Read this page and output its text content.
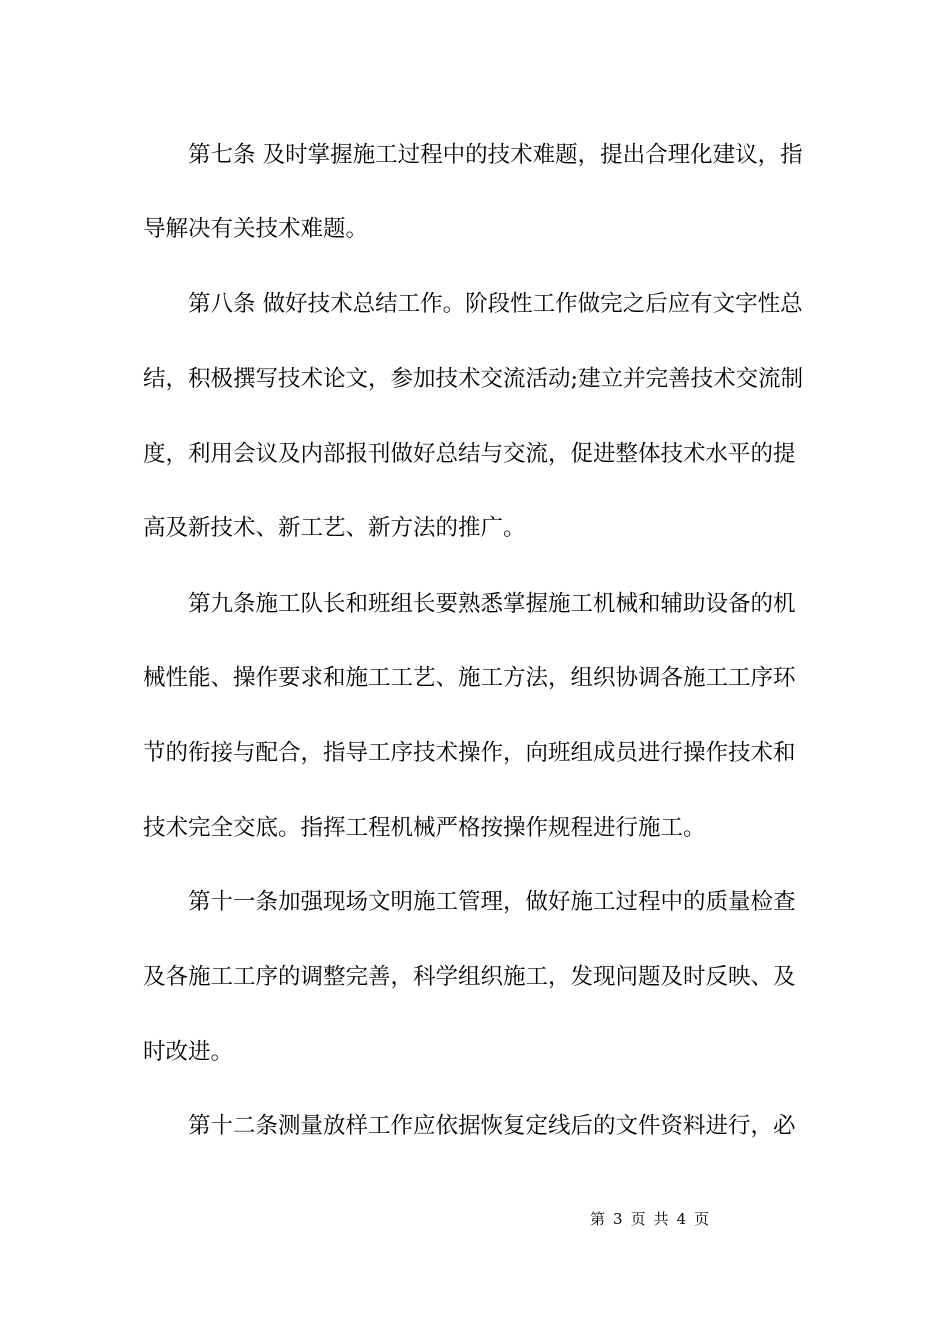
第七条 及时掌握施工过程中的技术难题，提出合理化建议，指
导解决有关技术难题。
第八条 做好技术总结工作。阶段性工作做完之后应有文字性总
结，积极撰写技术论文，参加技术交流活动;建立并完善技术交流制
度，利用会议及内部报刊做好总结与交流，促进整体技术水平的提
高及新技术、新工艺、新方法的推广。
第九条施工队长和班组长要熟悉掌握施工机械和辅助设备的机
械性能、操作要求和施工工艺、施工方法，组织协调各施工工序环
节的衔接与配合，指导工序技术操作，向班组成员进行操作技术和
技术完全交底。指挥工程机械严格按操作规程进行施工。
第十一条加强现场文明施工管理，做好施工过程中的质量检查
及各施工工序的调整完善，科学组织施工，发现问题及时反映、及
时改进。
第十二条测量放样工作应依据恢复定线后的文件资料进行，必
第 3 页 共 4 页
